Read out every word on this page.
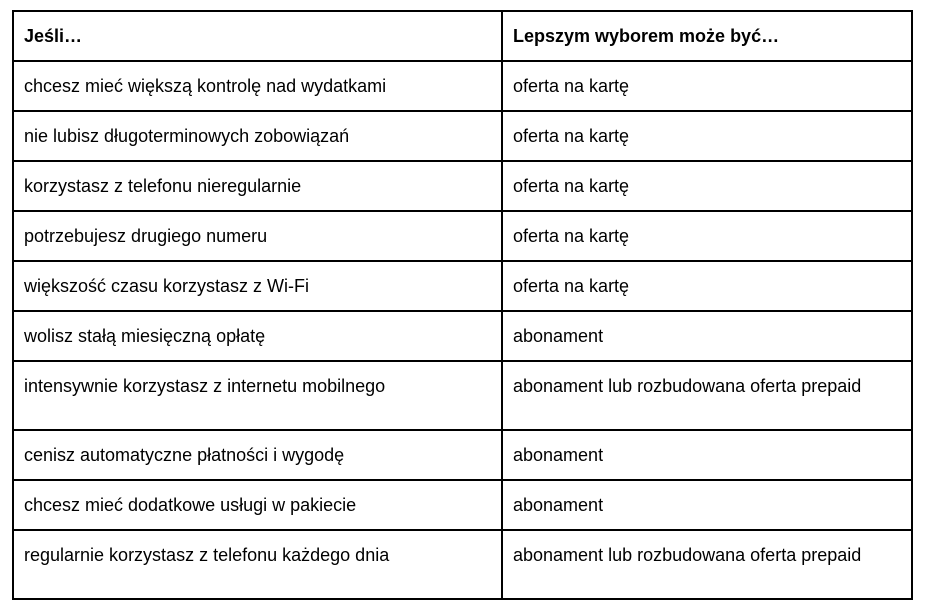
Jeśli…	Lepszym wyborem może być…
chcesz mieć większą kontrolę nad wydatkami	oferta na kartę
nie lubisz długoterminowych zobowiązań	oferta na kartę
korzystasz z telefonu nieregularnie	oferta na kartę
potrzebujesz drugiego numeru	oferta na kartę
większość czasu korzystasz z Wi-Fi	oferta na kartę
wolisz stałą miesięczną opłatę	abonament
intensywnie korzystasz z internetu mobilnego	abonament lub rozbudowana oferta prepaid
cenisz automatyczne płatności i wygodę	abonament
chcesz mieć dodatkowe usługi w pakiecie	abonament
regularnie korzystasz z telefonu każdego dnia	abonament lub rozbudowana oferta prepaid
